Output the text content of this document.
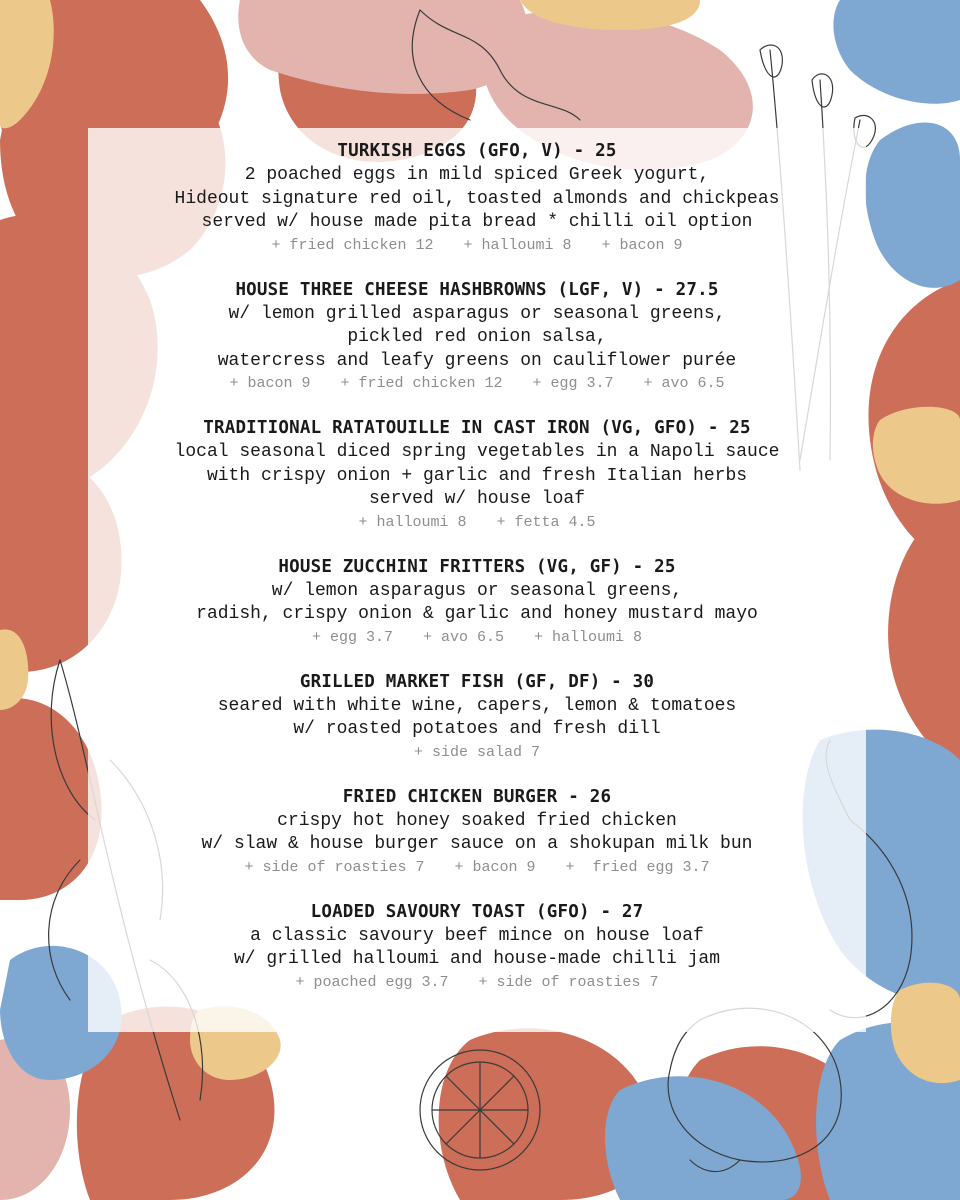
TURKISH EGGS (GFO, V) - 25

2 poached eggs in mild spiced Greek yogurt,

Hideout signature red oil, toasted almonds and chickpeas

served w/ house made pita bread * chilli oil option

+ fried chicken 12 + halloumi 8 + bacon 9

HOUSE THREE CHEESE HASHBROWNS (LGF, V) - 27.5

w/ lemon grilled asparagus or seasonal greens,

pickled red onion salsa,

watercress and leafy greens on cauliflower purée

+ bacon 9 + fried chicken 12 + egg 3.7 + avo 6.5

TRADITIONAL RATATOUILLE IN CAST IRON (VG, GFO) - 25

local seasonal diced spring vegetables in a Napoli sauce

with crispy onion + garlic and fresh Italian herbs

served w/ house loaf

+ halloumi 8 + fetta 4.5

HOUSE ZUCCHINI FRITTERS (VG, GF) - 25

w/ lemon asparagus or seasonal greens,

radish, crispy onion & garlic and honey mustard mayo

+ egg 3.7 + avo 6.5 + halloumi 8

GRILLED MARKET FISH (GF, DF) - 30

seared with white wine, capers, lemon & tomatoes

w/ roasted potatoes and fresh dill

+ side salad 7

FRIED CHICKEN BURGER - 26

crispy hot honey soaked fried chicken

w/ slaw & house burger sauce on a shokupan milk bun

+ side of roasties 7 + bacon 9 +  fried egg 3.7

LOADED SAVOURY TOAST (GFO) - 27

a classic savoury beef mince on house loaf

w/ grilled halloumi and house-made chilli jam

+ poached egg 3.7 + side of roasties 7
